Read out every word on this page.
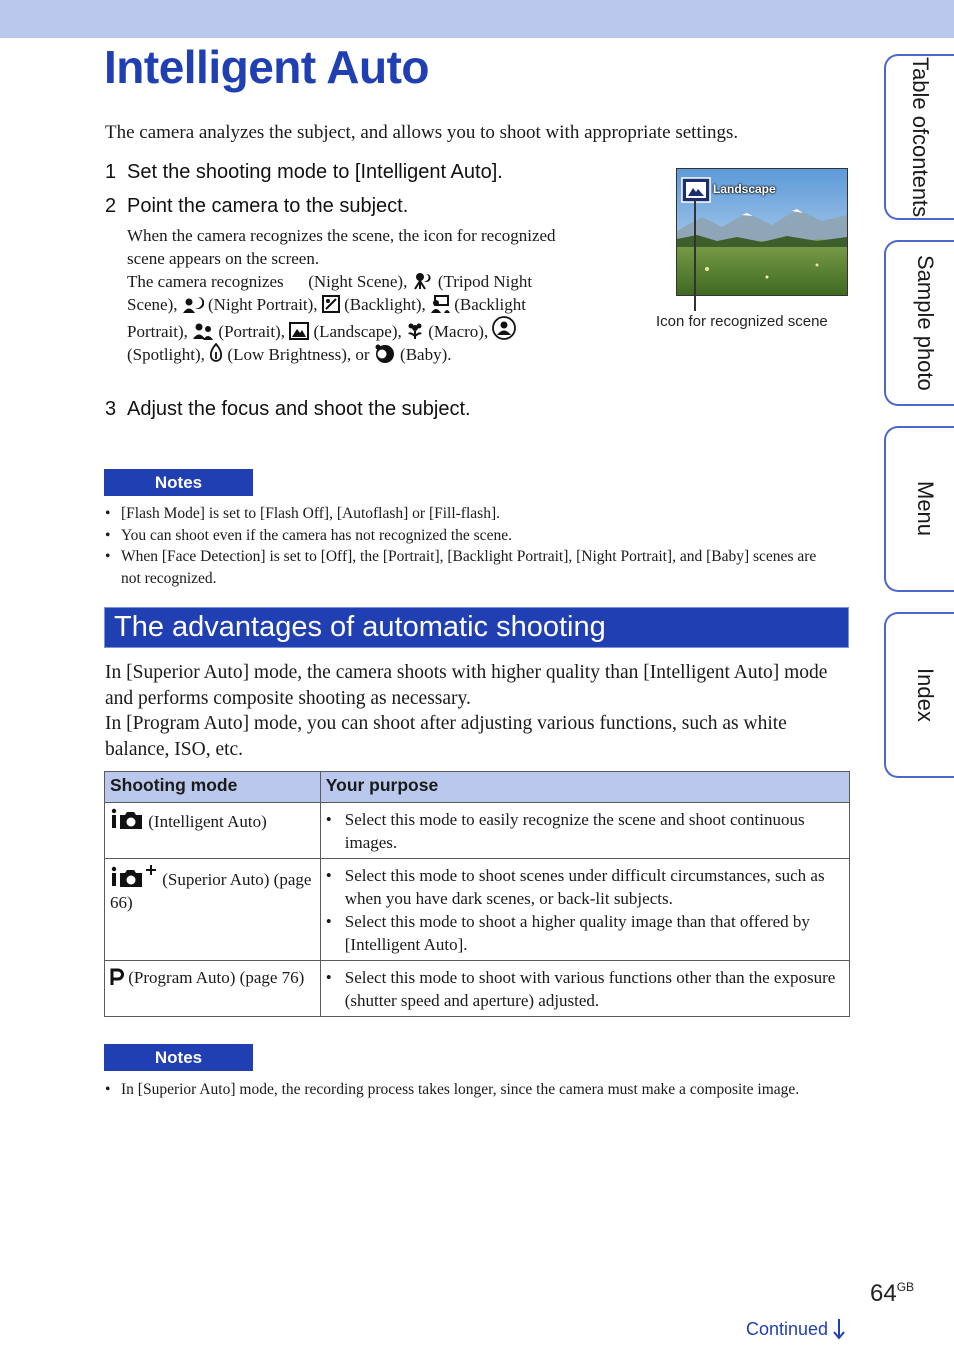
Intelligent Auto
The camera analyzes the subject, and allows you to shoot with appropriate settings.
1 Set the shooting mode to [Intelligent Auto].
2 Point the camera to the subject.
When the camera recognizes the scene, the icon for recognized scene appears on the screen.
The camera recognizes (Night Scene), (Tripod Night Scene), (Night Portrait), (Backlight), (Backlight Portrait), (Portrait), (Landscape), (Macro),  (Spotlight), (Low Brightness), or (Baby).
3 Adjust the focus and shoot the subject.
Landscape
Icon for recognized scene
Notes
• [Flash Mode] is set to [Flash Off], [Autoflash] or [Fill-flash].
• You can shoot even if the camera has not recognized the scene.
• When [Face Detection] is set to [Off], the [Portrait], [Backlight Portrait], [Night Portrait], and [Baby] scenes are not recognized.
The advantages of automatic shooting
In [Superior Auto] mode, the camera shoots with higher quality than [Intelligent Auto] mode and performs composite shooting as necessary.
In [Program Auto] mode, you can shoot after adjusting various functions, such as white balance, ISO, etc.
Shooting mode	Your purpose
(Intelligent Auto)	• Select this mode to easily recognize the scene and shoot continuous images.

(Superior Auto) (page 66)	• Select this mode to shoot scenes under difficult circumstances, such as when you have dark scenes, or back-lit subjects.
• Select this mode to shoot a higher quality image than that offered by [Intelligent Auto].

(Program Auto) (page 76)	• Select this mode to shoot with various functions other than the exposure (shutter speed and aperture) adjusted.
Notes
• In [Superior Auto] mode, the recording process takes longer, since the camera must make a composite image.
Table of
contents
Sample photo
Menu
Index
$64^{GB}$
Continued
